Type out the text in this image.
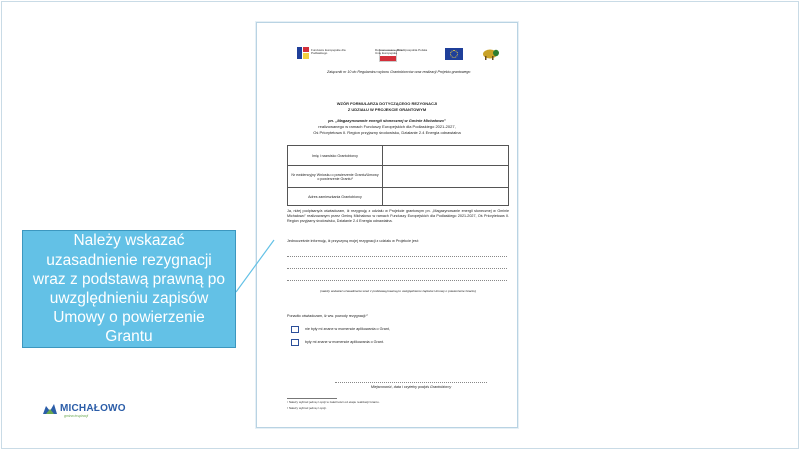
Fundusze Europejskie dla Podlaskiego
Rzeczpospolita Polska
Dofinansowane przez Unię Europejską
Załącznik nr 10 do Regulaminu wyboru Grantobiorców oraz realizacji Projektu grantowego
WZÓR FORMULARZA DOTYCZĄCEGO REZYGNACJI
Z UDZIAŁU W PROJEKCIE GRANTOWYM
pn. „Magazynowanie energii słonecznej w Gminie Michałowo”
realizowanego w ramach Funduszy Europejskich dla Podlaskiego 2021-2027,
Oś Priorytetowa II. Region przyjazny środowisku, Działanie 2.4 Energia odnawialna
Imię i nazwisko Grantobiorcy	
Nr ewidencyjny Wniosku o powierzenie Grantu/Umowy o powierzenie Grantu¹	
Adres zamieszkania Grantobiorcy	
Ja, niżej podpisany/a oświadczam, iż rezygnuję z udziału w Projekcie grantowym pn. „Magazynowanie energii słonecznej w Gminie Michałowo” realizowanym przez Gminę Michałowo w ramach Funduszy Europejskich dla Podlaskiego 2021-2027, Oś Priorytetowa II. Region przyjazny środowisku, Działanie 2.4 Energia odnawialna.
Jednocześnie informuję, iż przyczyną mojej rezygnacji z udziału w Projekcie jest:
(należy wskazać uzasadnienie wraz z podstawą prawną po uwzględnieniu zapisów Umowy o powierzenie Grantu)
Ponadto oświadczam, iż ww. powody rezygnacji:²
nie były mi znane w momencie aplikowania o Grant,
były mi znane w momencie aplikowania o Grant.
Miejscowość, data i czytelny podpis Grantobiorcy
¹ Należy wybrać jedną z opcji w zależności od etapu realizacji Grantu.
² Należy wybrać jedną z opcji.
Należy wskazać uzasadnienie rezygnacji wraz z podstawą prawną po uwzględnieniu zapisów Umowy o powierzenie Grantu
MICHAŁOWO
gmina inspiracji
